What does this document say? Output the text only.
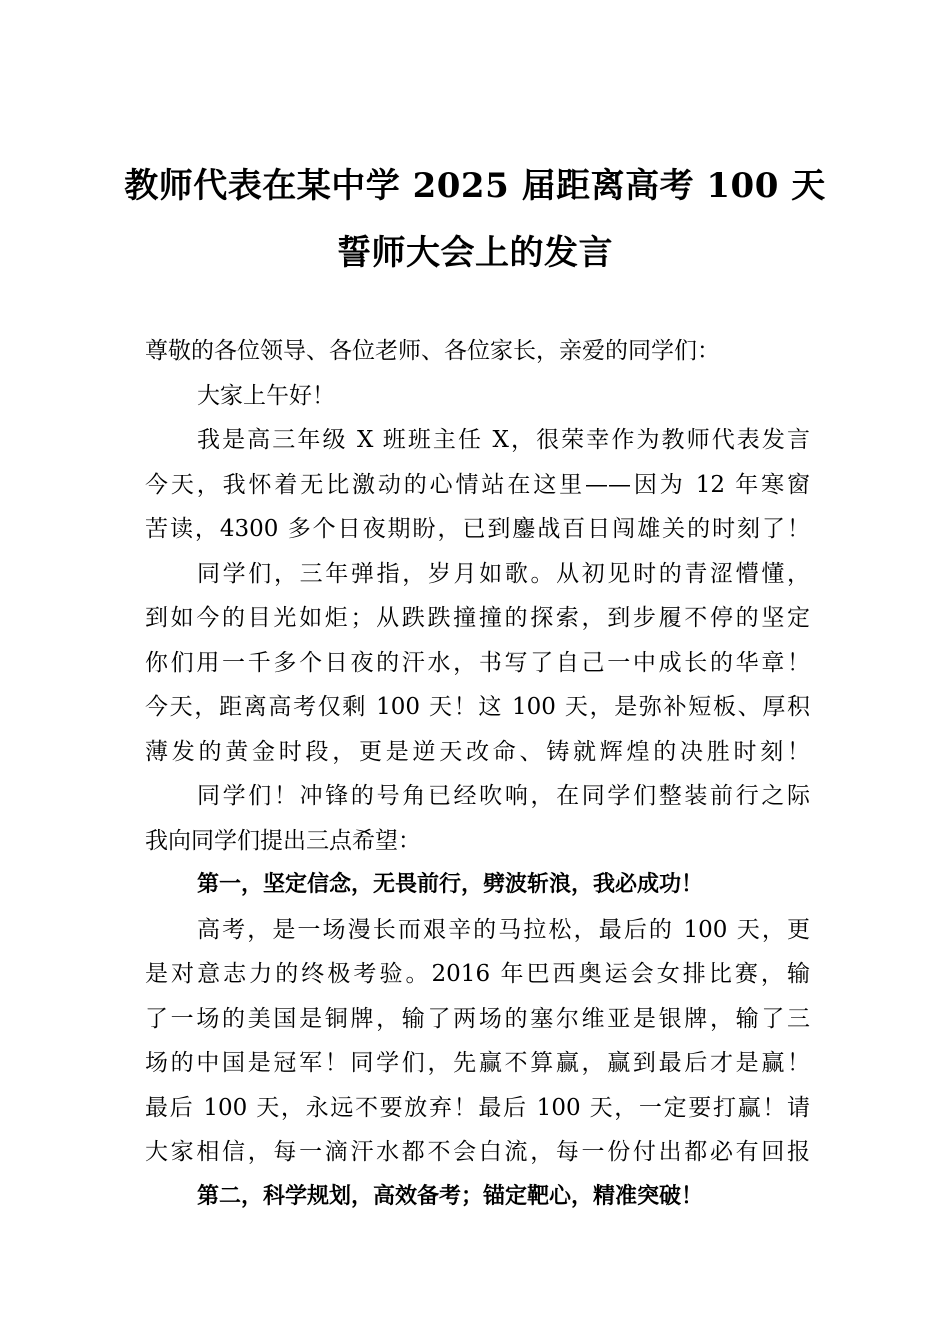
教师代表在某中学 2025 届距离高考 100 天
誓师大会上的发言
尊敬的各位领导、各位老师、各位家长，亲爱的同学们：
大家上午好！
我是高三年级 X 班班主任 X，很荣幸作为教师代表发言
今天，我怀着无比激动的心情站在这里——因为 12 年寒窗
苦读，4300 多个日夜期盼，已到鏖战百日闯雄关的时刻了！
同学们，三年弹指，岁月如歌。从初见时的青涩懵懂，
到如今的目光如炬；从跌跌撞撞的探索，到步履不停的坚定
你们用一千多个日夜的汗水，书写了自己一中成长的华章！
今天，距离高考仅剩 100 天！这 100 天，是弥补短板、厚积
薄发的黄金时段，更是逆天改命、铸就辉煌的决胜时刻！
同学们！冲锋的号角已经吹响，在同学们整装前行之际
我向同学们提出三点希望：
第一，坚定信念，无畏前行，劈波斩浪，我必成功！
高考，是一场漫长而艰辛的马拉松，最后的 100 天，更
是对意志力的终极考验。2016 年巴西奥运会女排比赛，输
了一场的美国是铜牌，输了两场的塞尔维亚是银牌，输了三
场的中国是冠军！同学们，先赢不算赢，赢到最后才是赢！
最后 100 天，永远不要放弃！最后 100 天，一定要打赢！请
大家相信，每一滴汗水都不会白流，每一份付出都必有回报
第二，科学规划，高效备考；锚定靶心，精准突破！
